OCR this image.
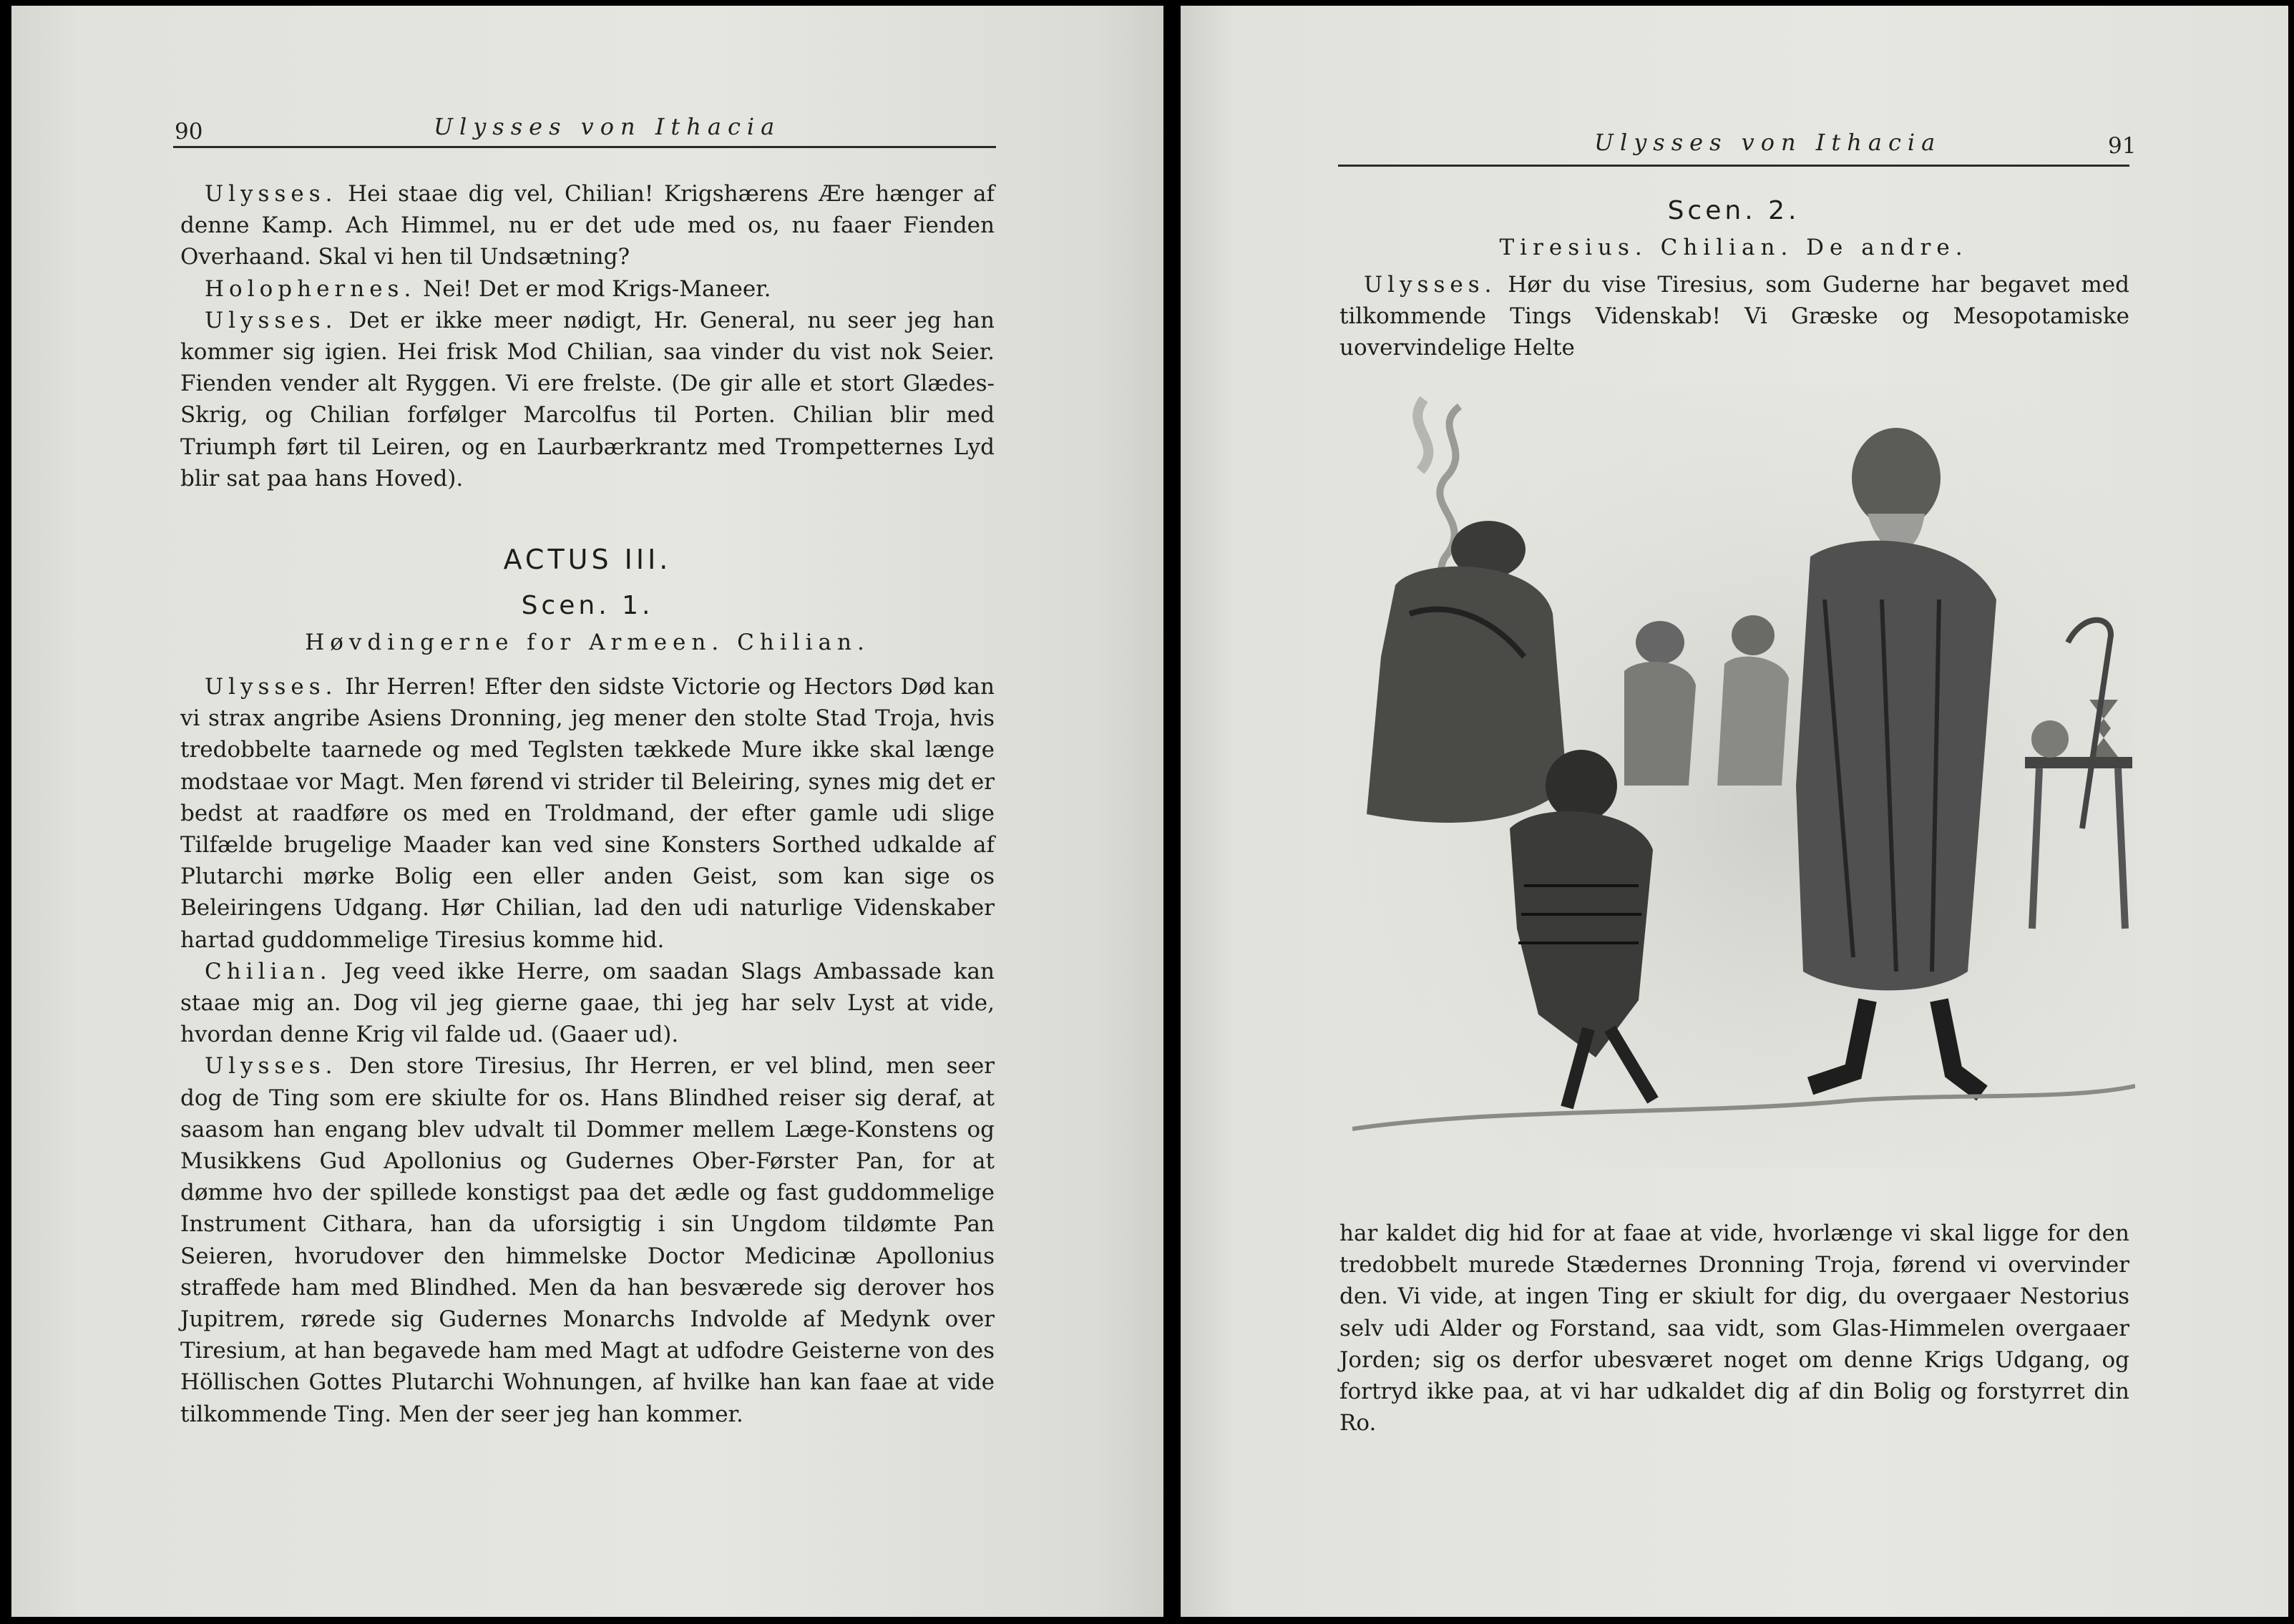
90	Ulysses von Ithacia

Ulysses. Hei staae dig vel, Chilian! Krigshærens Ære hænger af denne Kamp. Ach Himmel, nu er det ude med os, nu faaer Fienden Overhaand. Skal vi hen til Undsætning?

Holophernes. Nei! Det er mod Krigs-Maneer.

Ulysses. Det er ikke meer nødigt, Hr. General, nu seer jeg han kommer sig igien. Hei frisk Mod Chilian, saa vinder du vist nok Seier. Fienden vender alt Ryggen. Vi ere frelste. (De gir alle et stort Glædes-Skrig, og Chilian forfølger Marcolfus til Porten. Chilian blir med Triumph ført til Leiren, og en Laurbærkrantz med Trompetternes Lyd blir sat paa hans Hoved).

ACTUS III.
Scen. 1.
Høvdingerne for Armeen. Chilian.

Ulysses. Ihr Herren! Efter den sidste Victorie og Hectors Død kan vi strax angribe Asiens Dronning, jeg mener den stolte Stad Troja, hvis tredobbelte taarnede og med Teglsten tækkede Mure ikke skal længe modstaae vor Magt. Men førend vi strider til Beleiring, synes mig det er bedst at raadføre os med en Troldmand, der efter gamle udi slige Tilfælde brugelige Maader kan ved sine Konsters Sorthed udkalde af Plutarchi mørke Bolig een eller anden Geist, som kan sige os Beleiringens Udgang. Hør Chilian, lad den udi naturlige Videnskaber hartad guddommelige Tiresius komme hid.

Chilian. Jeg veed ikke Herre, om saadan Slags Ambassade kan staae mig an. Dog vil jeg gierne gaae, thi jeg har selv Lyst at vide, hvordan denne Krig vil falde ud. (Gaaer ud).

Ulysses. Den store Tiresius, Ihr Herren, er vel blind, men seer dog de Ting som ere skiulte for os. Hans Blindhed reiser sig deraf, at saasom han engang blev udvalt til Dommer mellem Læge-Konstens og Musikkens Gud Apollonius og Gudernes Ober-Førster Pan, for at dømme hvo der spillede konstigst paa det ædle og fast guddommelige Instrument Cithara, han da uforsigtig i sin Ungdom tildømte Pan Seieren, hvorudover den himmelske Doctor Medicinæ Apollonius straffede ham med Blindhed. Men da han besværede sig derover hos Jupitrem, rørede sig Gudernes Monarchs Indvolde af Medynk over Tiresium, at han begavede ham med Magt at udfodre Geisterne von des Höllischen Gottes Plutarchi Wohnungen, af hvilke han kan faae at vide tilkommende Ting. Men der seer jeg han kommer.

Ulysses von Ithacia	91
Scen. 2.
Tiresius. Chilian. De andre.

Ulysses. Hør du vise Tiresius, som Guderne har begavet med tilkommende Tings Videnskab! Vi Græske og Mesopotamiske uovervindelige Helte

har kaldet dig hid for at faae at vide, hvorlænge vi skal ligge for den tredobbelt murede Stædernes Dronning Troja, førend vi overvinder den. Vi vide, at ingen Ting er skiult for dig, du overgaaer Nestorius selv udi Alder og Forstand, saa vidt, som Glas-Himmelen overgaaer Jorden; sig os derfor ubesværet noget om denne Krigs Udgang, og fortryd ikke paa, at vi har udkaldet dig af din Bolig og forstyrret din Ro.
